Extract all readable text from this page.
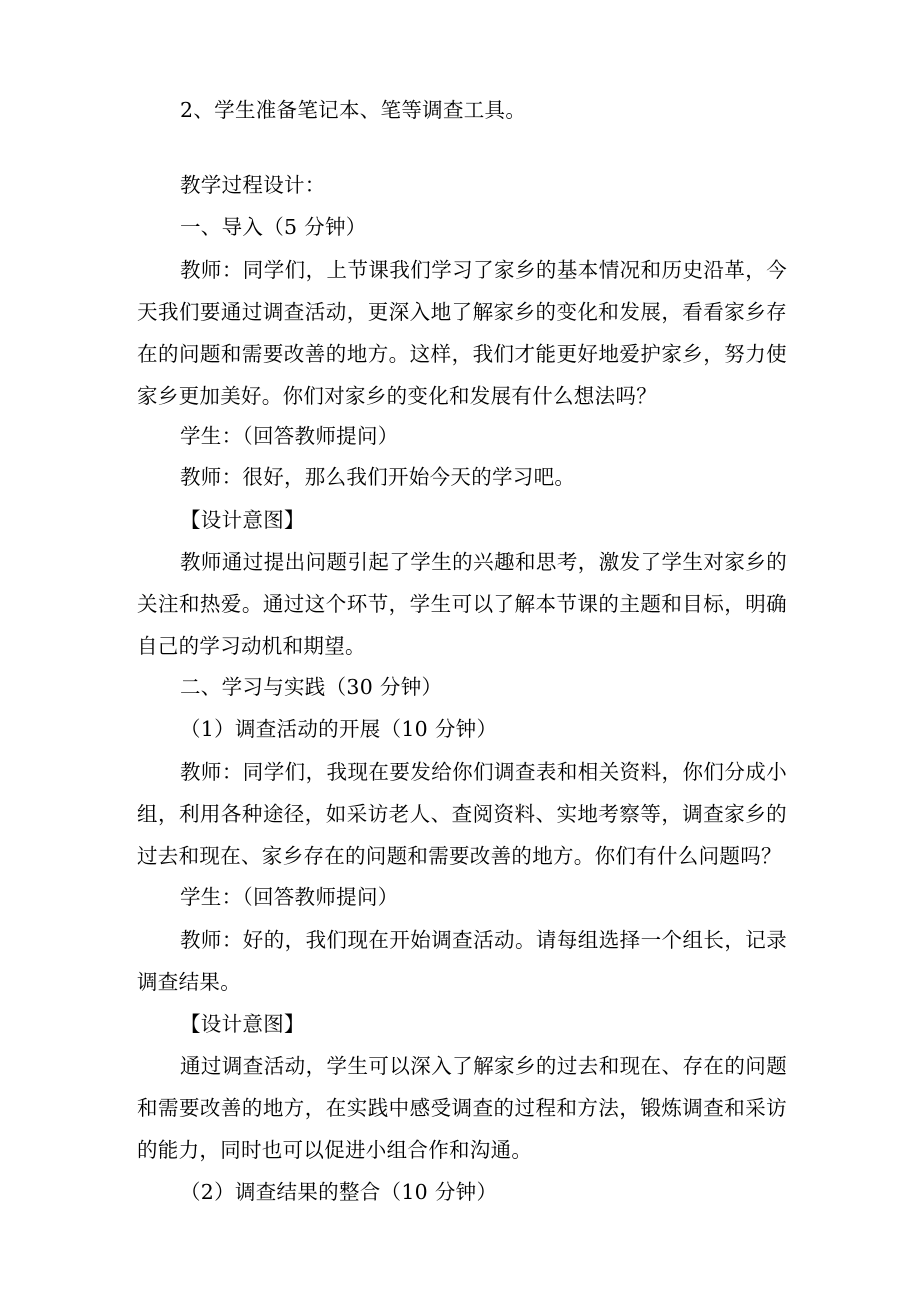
2、学生准备笔记本、笔等调查工具。

教学过程设计：

一、导入（5 分钟）

教师：同学们，上节课我们学习了家乡的基本情况和历史沿革，今天我们要通过调查活动，更深入地了解家乡的变化和发展，看看家乡存在的问题和需要改善的地方。这样，我们才能更好地爱护家乡，努力使家乡更加美好。你们对家乡的变化和发展有什么想法吗？

学生：（回答教师提问）

教师：很好，那么我们开始今天的学习吧。

【设计意图】

教师通过提出问题引起了学生的兴趣和思考，激发了学生对家乡的关注和热爱。通过这个环节，学生可以了解本节课的主题和目标，明确自己的学习动机和期望。

二、学习与实践（30 分钟）

（1）调查活动的开展（10 分钟）

教师：同学们，我现在要发给你们调查表和相关资料，你们分成小组，利用各种途径，如采访老人、查阅资料、实地考察等，调查家乡的过去和现在、家乡存在的问题和需要改善的地方。你们有什么问题吗？

学生：（回答教师提问）

教师：好的，我们现在开始调查活动。请每组选择一个组长，记录调查结果。

【设计意图】

通过调查活动，学生可以深入了解家乡的过去和现在、存在的问题和需要改善的地方，在实践中感受调查的过程和方法，锻炼调查和采访的能力，同时也可以促进小组合作和沟通。

（2）调查结果的整合（10 分钟）
